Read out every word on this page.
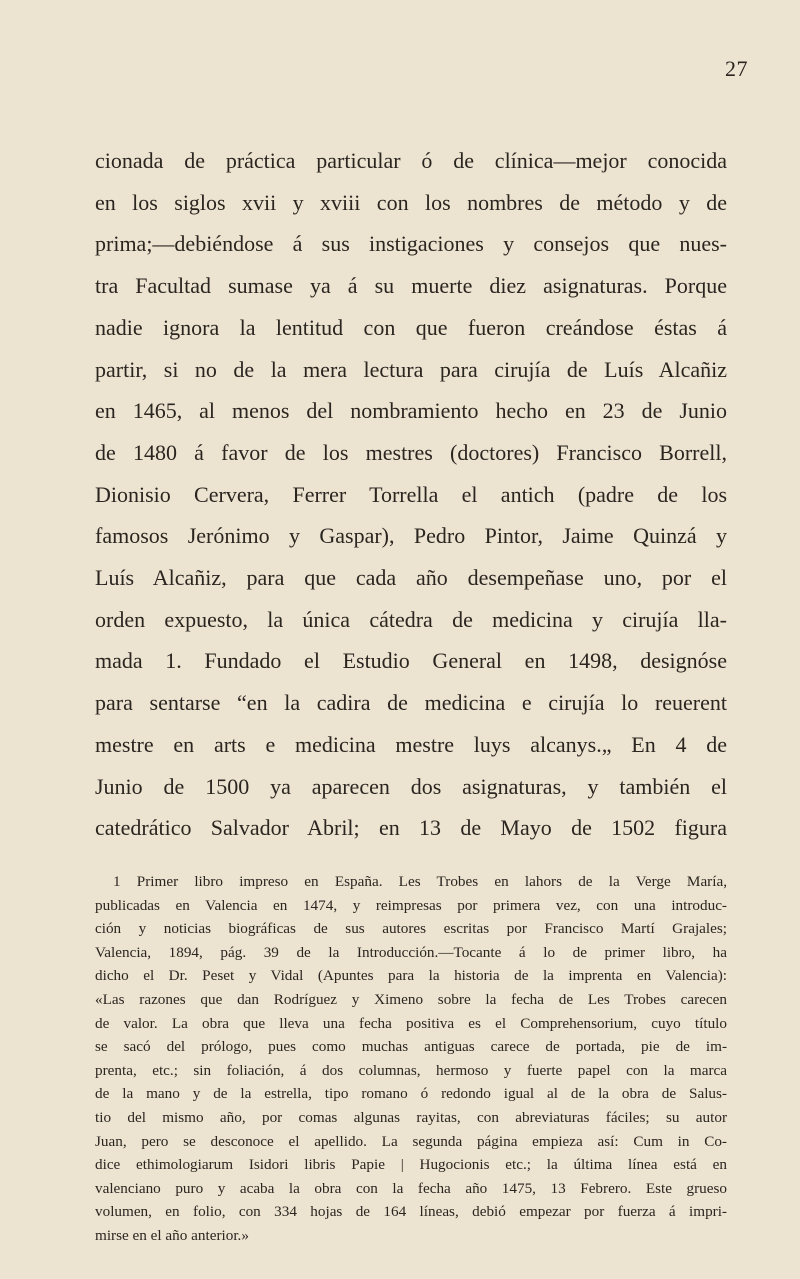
27
cionada de práctica particular ó de clínica—mejor conocida
en los siglos xvii y xviii con los nombres de método y de
prima;—debiéndose á sus instigaciones y consejos que nues-
tra Facultad sumase ya á su muerte diez asignaturas. Porque
nadie ignora la lentitud con que fueron creándose éstas á
partir, si no de la mera lectura para cirujía de Luís Alcañiz
en 1465, al menos del nombramiento hecho en 23 de Junio
de 1480 á favor de los mestres (doctores) Francisco Borrell,
Dionisio Cervera, Ferrer Torrella el antich (padre de los
famosos Jerónimo y Gaspar), Pedro Pintor, Jaime Quinzá y
Luís Alcañiz, para que cada año desempeñase uno, por el
orden expuesto, la única cátedra de medicina y cirujía lla-
mada 1. Fundado el Estudio General en 1498, designóse
para sentarse “en la cadira de medicina e cirujía lo reuerent
mestre en arts e medicina mestre luys alcanys.„ En 4 de
Junio de 1500 ya aparecen dos asignaturas, y también el
catedrático Salvador Abril; en 13 de Mayo de 1502 figura
1 Primer libro impreso en España. Les Trobes en lahors de la Verge María,
publicadas en Valencia en 1474, y reimpresas por primera vez, con una introduc-
ción y noticias biográficas de sus autores escritas por Francisco Martí Grajales;
Valencia, 1894, pág. 39 de la Introducción.—Tocante á lo de primer libro, ha
dicho el Dr. Peset y Vidal (Apuntes para la historia de la imprenta en Valencia):
«Las razones que dan Rodríguez y Ximeno sobre la fecha de Les Trobes carecen
de valor. La obra que lleva una fecha positiva es el Comprehensorium, cuyo título
se sacó del prólogo, pues como muchas antiguas carece de portada, pie de im-
prenta, etc.; sin foliación, á dos columnas, hermoso y fuerte papel con la marca
de la mano y de la estrella, tipo romano ó redondo igual al de la obra de Salus-
tio del mismo año, por comas algunas rayitas, con abreviaturas fáciles; su autor
Juan, pero se desconoce el apellido. La segunda página empieza así: Cum in Co-
dice ethimologiarum Isidori libris Papie | Hugocionis etc.; la última línea está en
valenciano puro y acaba la obra con la fecha año 1475, 13 Febrero. Este grueso
volumen, en folio, con 334 hojas de 164 líneas, debió empezar por fuerza á impri-
mirse en el año anterior.»
